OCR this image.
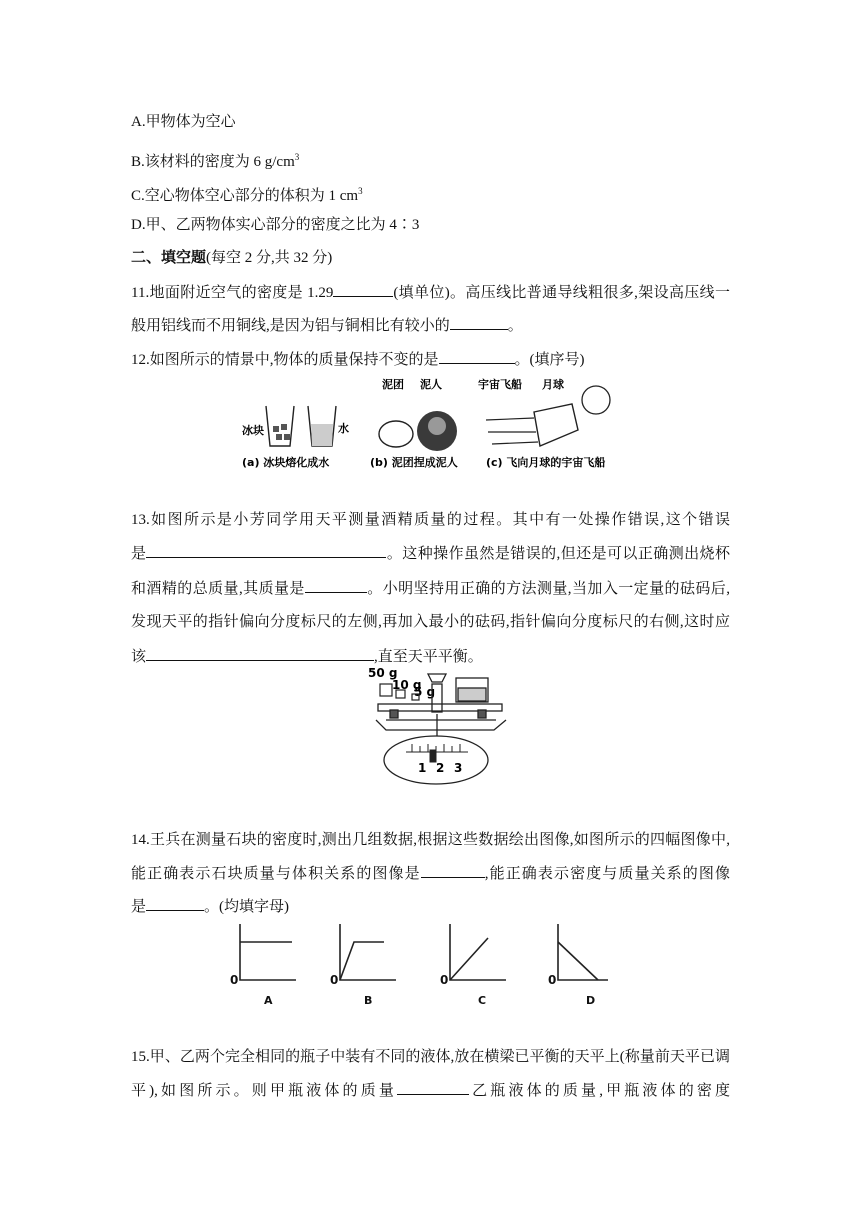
A.甲物体为空心
B.该材料的密度为 6 $g/cm^3$
C.空心物体空心部分的体积为 1 $cm^3$
D.甲、乙两物体实心部分的密度之比为 4∶3
二、填空题(每空 2 分,共 32 分)
11.地面附近空气的密度是 1.29	(填单位)。高压线比普通导线粗很多,架设高压线一
般用铝线而不用铜线,是因为铝与铜相比有较小的	。
12.如图所示的情景中,物体的质量保持不变的是	。(填序号)
冰块	水
泥团 泥人	宇宙飞船 月球
(a) 冰块熔化成水	(b) 泥团捏成泥人	(c) 飞向月球的宇宙飞船
13.如图所示是小芳同学用天平测量酒精质量的过程。其中有一处操作错误,这个错误
是	。这种操作虽然是错误的,但还是可以正确测出烧杯
和酒精的总质量,其质量是	。小明坚持用正确的方法测量,当加入一定量的砝码后,
发现天平的指针偏向分度标尺的左侧,再加入最小的砝码,指针偏向分度标尺的右侧,这时应
该	,直至天平平衡。
50 g
10 g
5 g
1 2 3
14.王兵在测量石块的密度时,测出几组数据,根据这些数据绘出图像,如图所示的四幅图像中,
能正确表示石块质量与体积关系的图像是	,能正确表示密度与质量关系的图像
是	。(均填字母)
0
A
0
B
0
C
0
D
15.甲、乙两个完全相同的瓶子中装有不同的液体,放在横梁已平衡的天平上(称量前天平已调
平),如图所示。则甲瓶液体的质量	乙瓶液体的质量,甲瓶液体的密度
